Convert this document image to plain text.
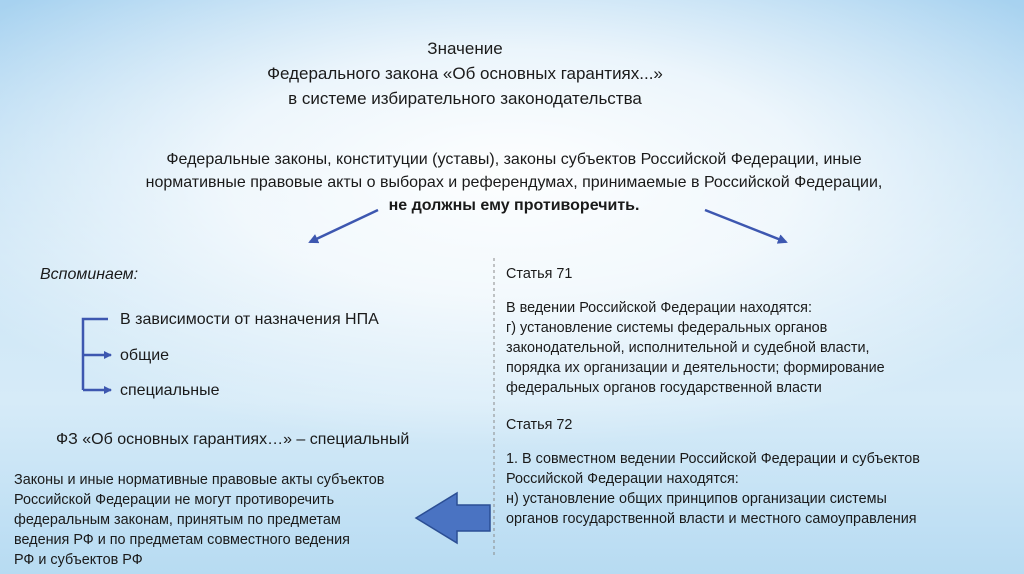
Значение
Федерального закона «Об основных гарантиях...»
в системе избирательного законодательства
Федеральные законы, конституции (уставы), законы субъектов Российской Федерации, иные
нормативные правовые акты о выборах и референдумах, принимаемые в Российской Федерации,
не должны ему противоречить.
Вспоминаем:
В зависимости от назначения НПА
общие
специальные
ФЗ «Об основных гарантиях…» – специальный
Законы и иные нормативные правовые акты субъектов
Российской Федерации не могут противоречить
федеральным законам, принятым по предметам
ведения РФ и по предметам совместного ведения
РФ и субъектов РФ
Статья 71
В ведении Российской Федерации находятся:
г) установление системы федеральных органов
законодательной, исполнительной и судебной власти,
порядка их организации и деятельности; формирование
федеральных органов государственной власти
Статья 72
1. В совместном ведении Российской Федерации и субъектов
Российской Федерации находятся:
н) установление общих принципов организации системы
органов государственной власти и местного самоуправления
